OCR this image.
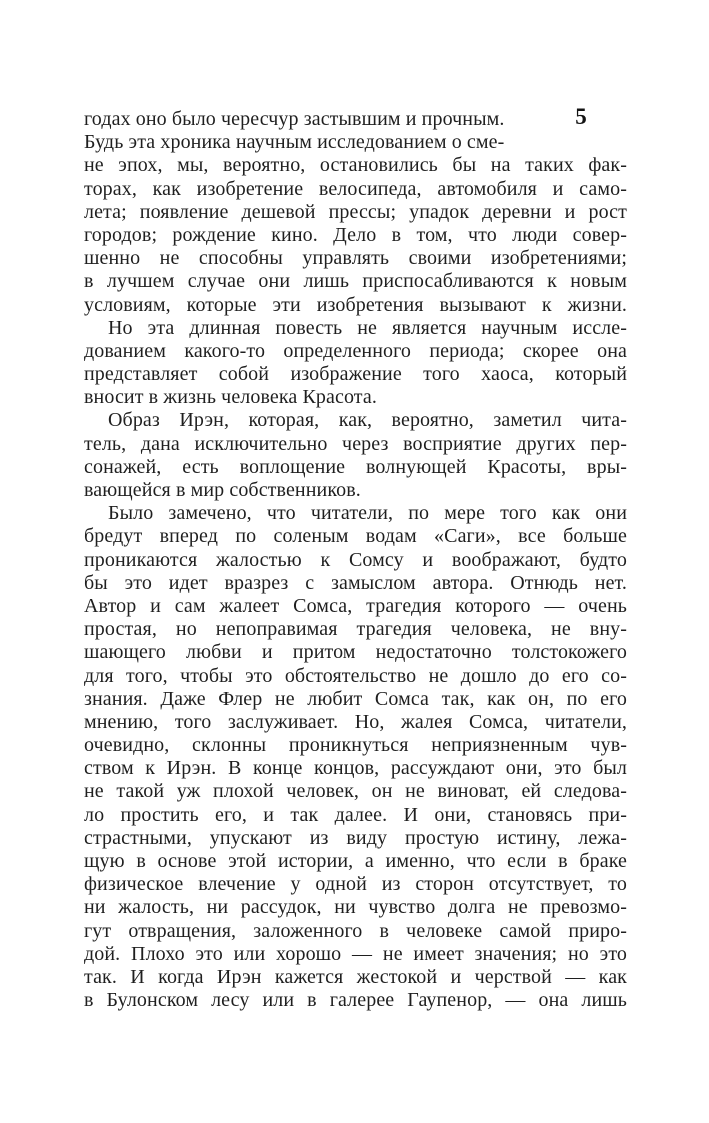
5
годах оно было чересчур застывшим и прочным.
Будь эта хроника научным исследованием о сме-
не эпох, мы, вероятно, остановились бы на таких фак-
торах, как изобретение велосипеда, автомобиля и само-
лета; появление дешевой прессы; упадок деревни и рост
городов; рождение кино. Дело в том, что люди совер-
шенно не способны управлять своими изобретениями;
в лучшем случае они лишь приспосабливаются к новым
условиям, которые эти изобретения вызывают к жизни.
Но эта длинная повесть не является научным иссле-
дованием какого-то определенного периода; скорее она
представляет собой изображение того хаоса, который
вносит в жизнь человека Красота.
Образ Ирэн, которая, как, вероятно, заметил чита-
тель, дана исключительно через восприятие других пер-
сонажей, есть воплощение волнующей Красоты, вры-
вающейся в мир собственников.
Было замечено, что читатели, по мере того как они
бредут вперед по соленым водам «Саги», все больше
проникаются жалостью к Сомсу и воображают, будто
бы это идет вразрез с замыслом автора. Отнюдь нет.
Автор и сам жалеет Сомса, трагедия которого — очень
простая, но непоправимая трагедия человека, не вну-
шающего любви и притом недостаточно толстокожего
для того, чтобы это обстоятельство не дошло до его со-
знания. Даже Флер не любит Сомса так, как он, по его
мнению, того заслуживает. Но, жалея Сомса, читатели,
очевидно, склонны проникнуться неприязненным чув-
ством к Ирэн. В конце концов, рассуждают они, это был
не такой уж плохой человек, он не виноват, ей следова-
ло простить его, и так далее. И они, становясь при-
страстными, упускают из виду простую истину, лежа-
щую в основе этой истории, а именно, что если в браке
физическое влечение у одной из сторон отсутствует, то
ни жалость, ни рассудок, ни чувство долга не превозмо-
гут отвращения, заложенного в человеке самой приро-
дой. Плохо это или хорошо — не имеет значения; но это
так. И когда Ирэн кажется жестокой и черствой — как
в Булонском лесу или в галерее Гаупенор, — она лишь
